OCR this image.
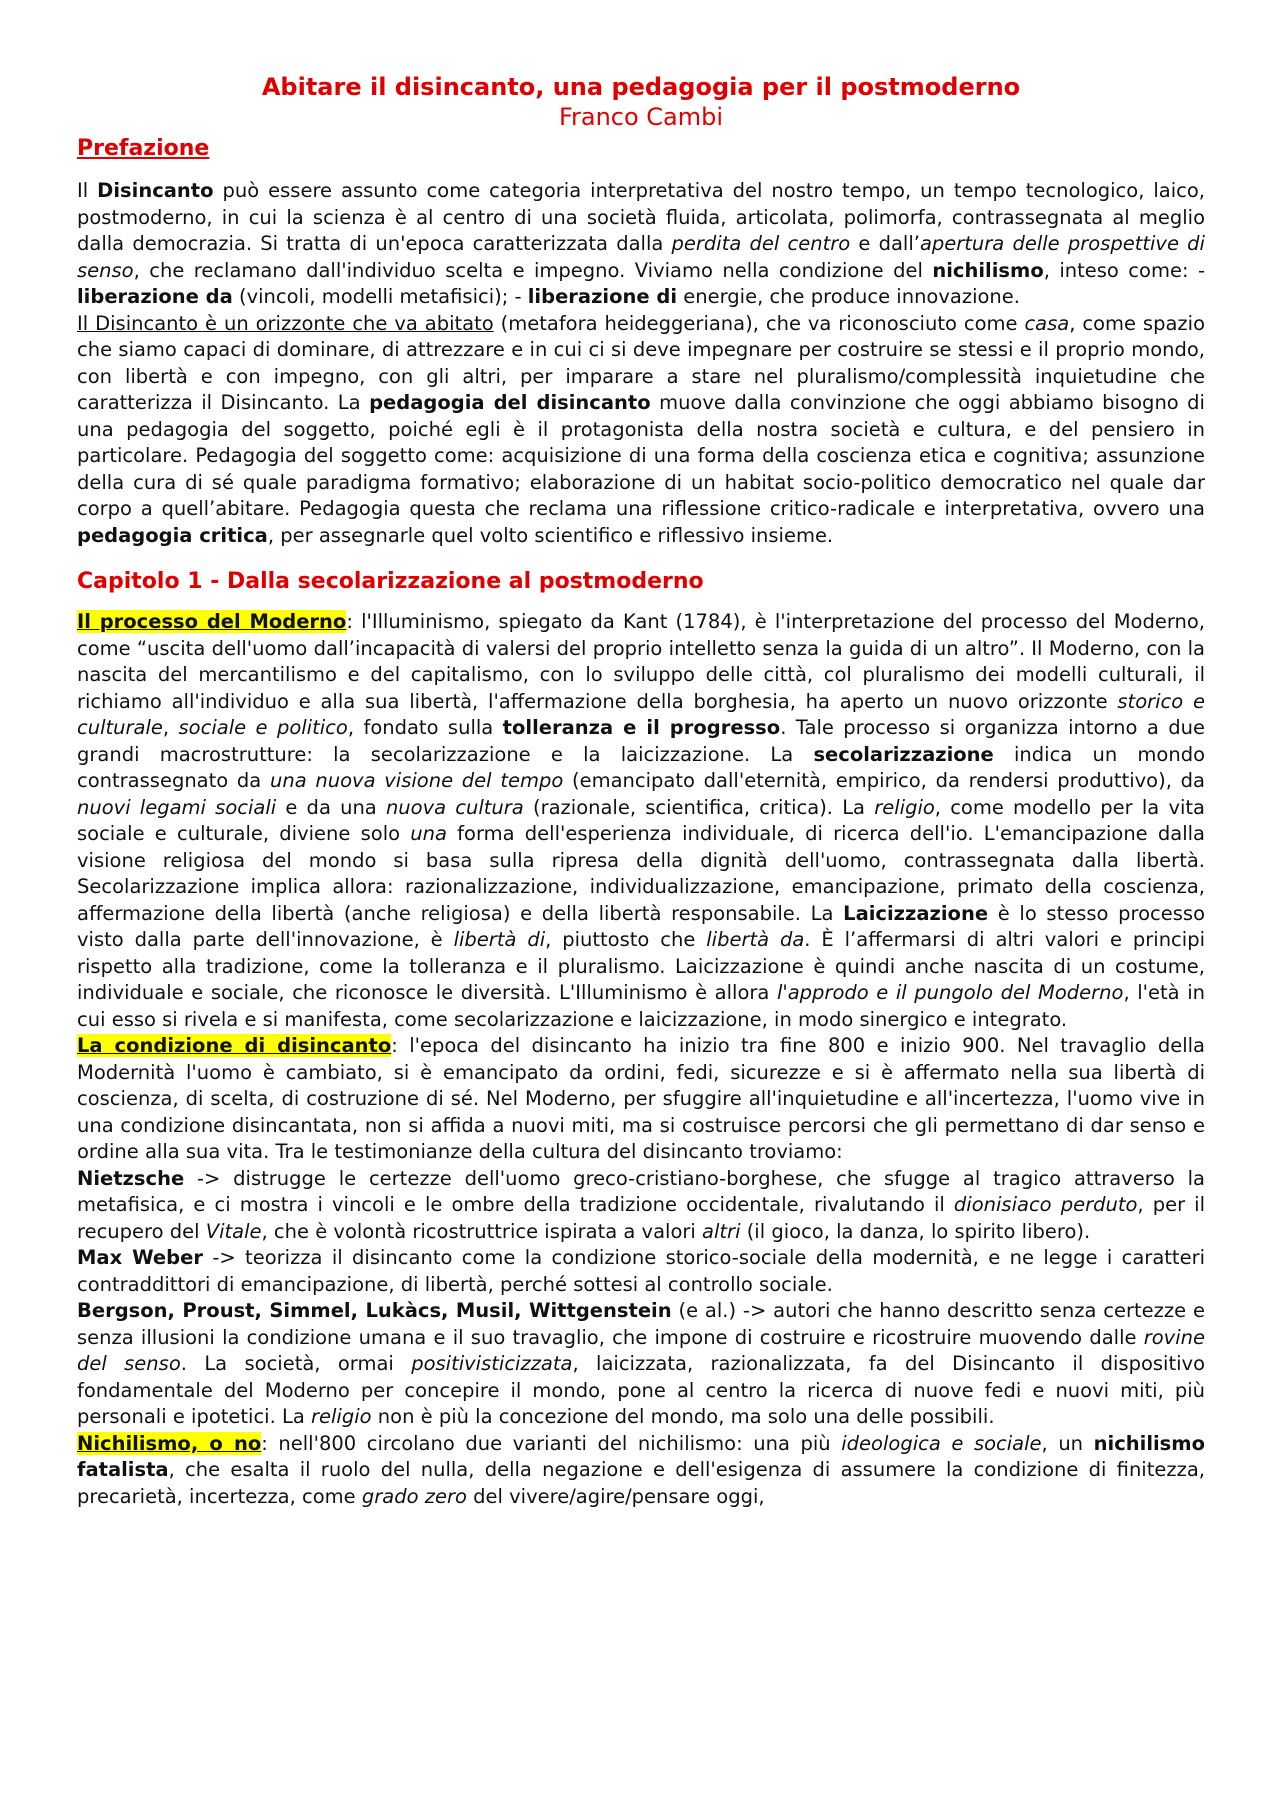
Abitare il disincanto, una pedagogia per il postmoderno
Franco Cambi
Prefazione

Il Disincanto può essere assunto come categoria interpretativa del nostro tempo, un tempo tecnologico, laico, postmoderno, in cui la scienza è al centro di una società fluida, articolata, polimorfa, contrassegnata al meglio dalla democrazia. Si tratta di un'epoca caratterizzata dalla perdita del centro e dall’apertura delle prospettive di senso, che reclamano dall'individuo scelta e impegno. Viviamo nella condizione del nichilismo, inteso come: - liberazione da (vincoli, modelli metafisici); - liberazione di energie, che produce innovazione.

Il Disincanto è un orizzonte che va abitato (metafora heideggeriana), che va riconosciuto come casa, come spazio che siamo capaci di dominare, di attrezzare e in cui ci si deve impegnare per costruire se stessi e il proprio mondo, con libertà e con impegno, con gli altri, per imparare a stare nel pluralismo/complessità inquietudine che caratterizza il Disincanto. La pedagogia del disincanto muove dalla convinzione che oggi abbiamo bisogno di una pedagogia del soggetto, poiché egli è il protagonista della nostra società e cultura, e del pensiero in particolare. Pedagogia del soggetto come: acquisizione di una forma della coscienza etica e cognitiva; assunzione della cura di sé quale paradigma formativo; elaborazione di un habitat socio-politico democratico nel quale dar corpo a quell’abitare. Pedagogia questa che reclama una riflessione critico-radicale e interpretativa, ovvero una pedagogia critica, per assegnarle quel volto scientifico e riflessivo insieme.

Capitolo 1 - Dalla secolarizzazione al postmoderno

Il processo del Moderno: l'Illuminismo, spiegato da Kant (1784), è l'interpretazione del processo del Moderno, come “uscita dell'uomo dall’incapacità di valersi del proprio intelletto senza la guida di un altro”. Il Moderno, con la nascita del mercantilismo e del capitalismo, con lo sviluppo delle città, col pluralismo dei modelli culturali, il richiamo all'individuo e alla sua libertà, l'affermazione della borghesia, ha aperto un nuovo orizzonte storico e culturale, sociale e politico, fondato sulla tolleranza e il progresso. Tale processo si organizza intorno a due grandi macrostrutture: la secolarizzazione e la laicizzazione. La secolarizzazione indica un mondo contrassegnato da una nuova visione del tempo (emancipato dall'eternità, empirico, da rendersi produttivo), da nuovi legami sociali e da una nuova cultura (razionale, scientifica, critica). La religio, come modello per la vita sociale e culturale, diviene solo una forma dell'esperienza individuale, di ricerca dell'io. L'emancipazione dalla visione religiosa del mondo si basa sulla ripresa della dignità dell'uomo, contrassegnata dalla libertà. Secolarizzazione implica allora: razionalizzazione, individualizzazione, emancipazione, primato della coscienza, affermazione della libertà (anche religiosa) e della libertà responsabile. La Laicizzazione è lo stesso processo visto dalla parte dell'innovazione, è libertà di, piuttosto che libertà da. È l’affermarsi di altri valori e principi rispetto alla tradizione, come la tolleranza e il pluralismo. Laicizzazione è quindi anche nascita di un costume, individuale e sociale, che riconosce le diversità. L'Illuminismo è allora l'approdo e il pungolo del Moderno, l'età in cui esso si rivela e si manifesta, come secolarizzazione e laicizzazione, in modo sinergico e integrato.

La condizione di disincanto: l'epoca del disincanto ha inizio tra fine 800 e inizio 900. Nel travaglio della Modernità l'uomo è cambiato, si è emancipato da ordini, fedi, sicurezze e si è affermato nella sua libertà di coscienza, di scelta, di costruzione di sé. Nel Moderno, per sfuggire all'inquietudine e all'incertezza, l'uomo vive in una condizione disincantata, non si affida a nuovi miti, ma si costruisce percorsi che gli permettano di dar senso e ordine alla sua vita. Tra le testimonianze della cultura del disincanto troviamo:

Nietzsche -> distrugge le certezze dell'uomo greco-cristiano-borghese, che sfugge al tragico attraverso la metafisica, e ci mostra i vincoli e le ombre della tradizione occidentale, rivalutando il dionisiaco perduto, per il recupero del Vitale, che è volontà ricostruttrice ispirata a valori altri (il gioco, la danza, lo spirito libero).

Max Weber -> teorizza il disincanto come la condizione storico-sociale della modernità, e ne legge i caratteri contraddittori di emancipazione, di libertà, perché sottesi al controllo sociale.

Bergson, Proust, Simmel, Lukàcs, Musil, Wittgenstein (e al.) -> autori che hanno descritto senza certezze e senza illusioni la condizione umana e il suo travaglio, che impone di costruire e ricostruire muovendo dalle rovine del senso. La società, ormai positivisticizzata, laicizzata, razionalizzata, fa del Disincanto il dispositivo fondamentale del Moderno per concepire il mondo, pone al centro la ricerca di nuove fedi e nuovi miti, più personali e ipotetici. La religio non è più la concezione del mondo, ma solo una delle possibili.

Nichilismo, o no: nell'800 circolano due varianti del nichilismo: una più ideologica e sociale, un nichilismo fatalista, che esalta il ruolo del nulla, della negazione e dell'esigenza di assumere la condizione di finitezza, precarietà, incertezza, come grado zero del vivere/agire/pensare oggi,
